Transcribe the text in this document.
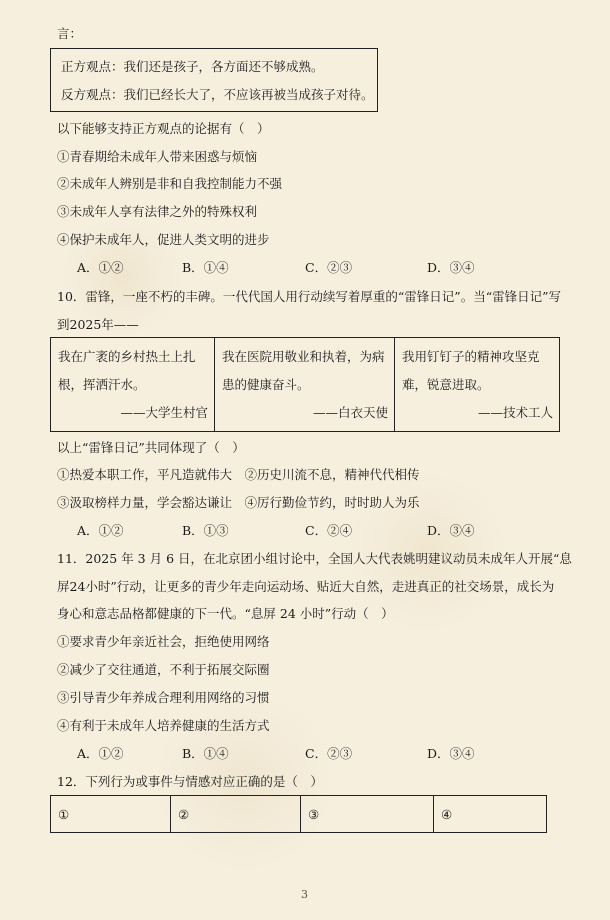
言：
正方观点：我们还是孩子，各方面还不够成熟。
反方观点：我们已经长大了，不应该再被当成孩子对待。
以下能够支持正方观点的论据有（　）
①青春期给未成年人带来困惑与烦恼
②未成年人辨别是非和自我控制能力不强
③未成年人享有法律之外的特殊权利
④保护未成年人，促进人类文明的进步
A．①②	B．①④	C．②③	D．③④
10．雷锋，一座不朽的丰碑。一代代国人用行动续写着厚重的“雷锋日记”。当“雷锋日记”写
到2025年——
我在广袤的乡村热土上扎
根，挥洒汗水。
——大学生村官
我在医院用敬业和执着，为病
患的健康奋斗。
——白衣天使
我用钉钉子的精神攻坚克
难，锐意进取。
——技术工人
以上“雷锋日记”共同体现了（　）
①热爱本职工作，平凡造就伟大　②历史川流不息，精神代代相传
③汲取榜样力量，学会豁达谦让　④厉行勤俭节约，时时助人为乐
A．①②	B．①③	C．②④	D．③④
11．2025 年 3 月 6 日，在北京团小组讨论中，全国人大代表姚明建议动员未成年人开展“息
屏24小时”行动，让更多的青少年走向运动场、贴近大自然，走进真正的社交场景，成长为
身心和意志品格都健康的下一代。“息屏 24 小时”行动（　）
①要求青少年亲近社会，拒绝使用网络
②减少了交往通道，不利于拓展交际圈
③引导青少年养成合理利用网络的习惯
④有利于未成年人培养健康的生活方式
A．①②	B．①④	C．②③	D．③④
12．下列行为或事件与情感对应正确的是（　）
①	②	③	④
3
